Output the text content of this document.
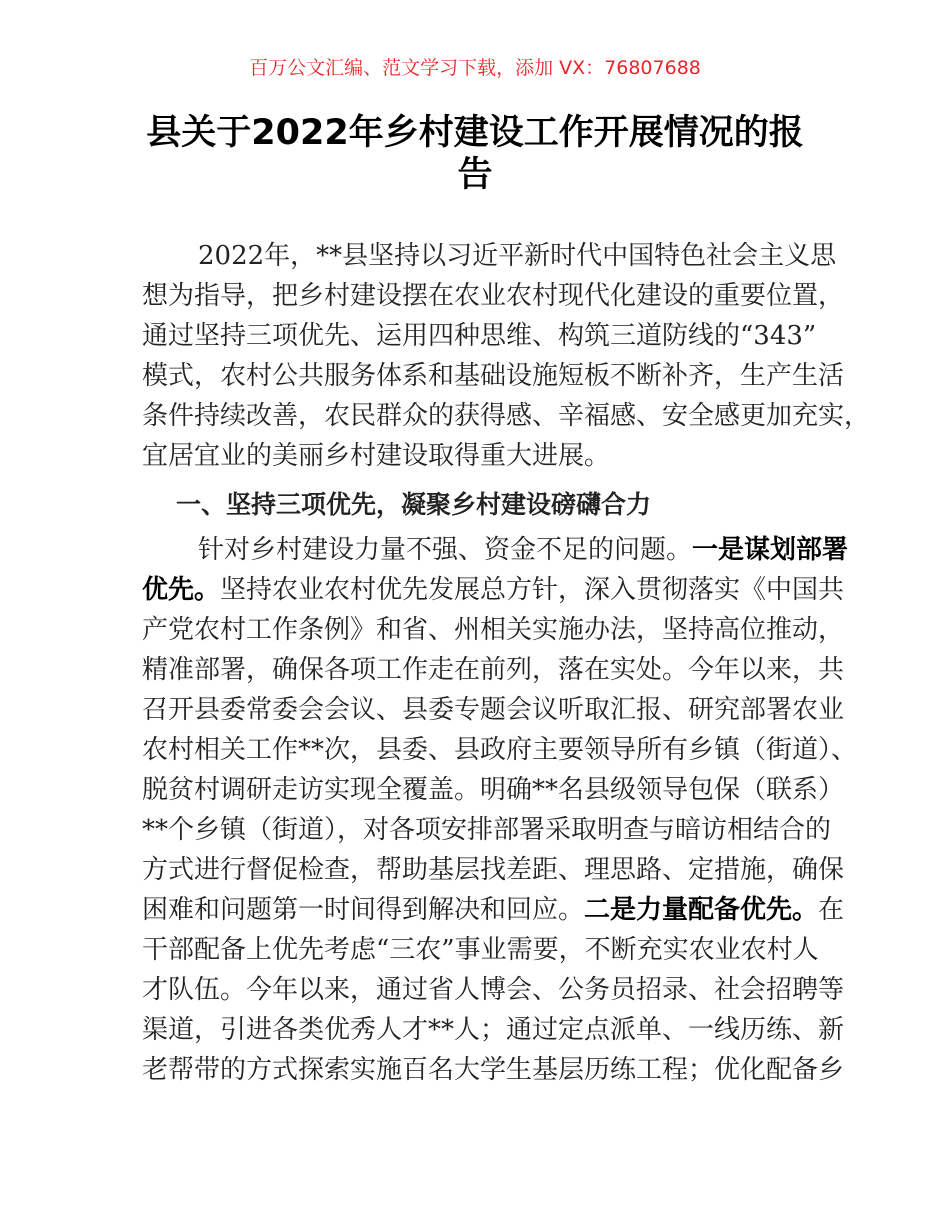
百万公文汇编、范文学习下载，添加 VX：76807688
县关于2022年乡村建设工作开展情况的报
告
2022年，**县坚持以习近平新时代中国特色社会主义思
想为指导，把乡村建设摆在农业农村现代化建设的重要位置，
通过坚持三项优先、运用四种思维、构筑三道防线的“343”
模式，农村公共服务体系和基础设施短板不断补齐，生产生活
条件持续改善，农民群众的获得感、辛福感、安全感更加充实，
宜居宜业的美丽乡村建设取得重大进展。
一、坚持三项优先，凝聚乡村建设磅礴合力
针对乡村建设力量不强、资金不足的问题。一是谋划部署
优先。坚持农业农村优先发展总方针，深入贯彻落实《中国共
产党农村工作条例》和省、州相关实施办法，坚持高位推动，
精准部署，确保各项工作走在前列，落在实处。今年以来，共
召开县委常委会会议、县委专题会议听取汇报、研究部署农业
农村相关工作**次，县委、县政府主要领导所有乡镇（街道）、
脱贫村调研走访实现全覆盖。明确**名县级领导包保（联系）
**个乡镇（街道），对各项安排部署采取明查与暗访相结合的
方式进行督促检查，帮助基层找差距、理思路、定措施，确保
困难和问题第一时间得到解决和回应。二是力量配备优先。在
干部配备上优先考虑“三农”事业需要，不断充实农业农村人
才队伍。今年以来，通过省人博会、公务员招录、社会招聘等
渠道，引进各类优秀人才**人；通过定点派单、一线历练、新
老帮带的方式探索实施百名大学生基层历练工程；优化配备乡
